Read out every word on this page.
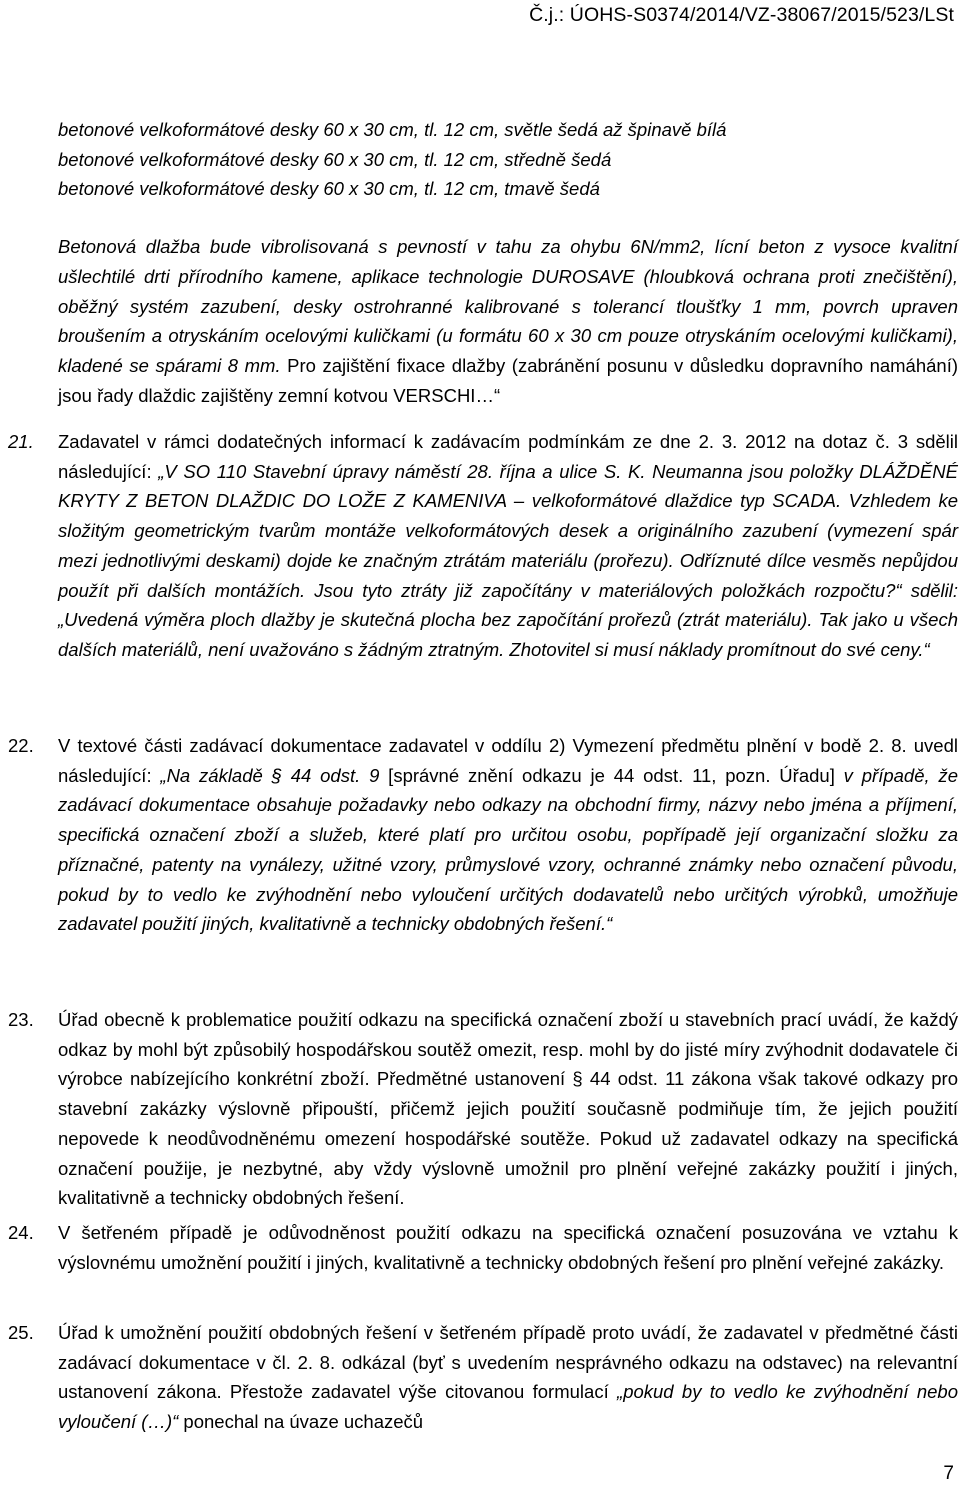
Č.j.: ÚOHS-S0374/2014/VZ-38067/2015/523/LSt
betonové velkoformátové desky 60 x 30 cm, tl. 12 cm, světle šedá až špinavě bílá
betonové velkoformátové desky 60 x 30 cm, tl. 12 cm, středně šedá
betonové velkoformátové desky 60 x 30 cm, tl. 12 cm, tmavě šedá
Betonová dlažba bude vibrolisovaná s pevností v tahu za ohybu 6N/mm2, lícní beton z vysoce kvalitní ušlechtilé drti přírodního kamene, aplikace technologie DUROSAVE (hloubková ochrana proti znečištění), oběžný systém zazubení, desky ostrohranné kalibrované s tolerancí tloušťky 1 mm, povrch upraven broušením a otryskáním ocelovými kuličkami (u formátu 60 x 30 cm pouze otryskáním ocelovými kuličkami), kladené se spárami 8 mm. Pro zajištění fixace dlažby (zabránění posunu v důsledku dopravního namáhání) jsou řady dlaždic zajištěny zemní kotvou VERSCHI…“
21.	Zadavatel v rámci dodatečných informací k zadávacím podmínkám ze dne 2. 3. 2012 na dotaz č. 3 sdělil následující: „V SO 110 Stavební úpravy náměstí 28. října a ulice S. K. Neumanna jsou položky DLÁŽDĚNÉ KRYTY Z BETON DLAŽDIC DO LOŽE Z KAMENIVA – velkoformátové dlaždice typ SCADA. Vzhledem ke složitým geometrickým tvarům montáže velkoformátových desek a originálního zazubení (vymezení spár mezi jednotlivými deskami) dojde ke značným ztrátám materiálu (prořezu). Odříznuté dílce vesměs nepůjdou použít při dalších montážích. Jsou tyto ztráty již započítány v materiálových položkách rozpočtu?“ sdělil: „Uvedená výměra ploch dlažby je skutečná plocha bez započítání prořezů (ztrát materiálu). Tak jako u všech dalších materiálů, není uvažováno s žádným ztratným. Zhotovitel si musí náklady promítnout do své ceny.“
22.	V textové části zadávací dokumentace zadavatel v oddílu 2) Vymezení předmětu plnění v bodě 2. 8. uvedl následující: „Na základě § 44 odst. 9 [správné znění odkazu je 44 odst. 11, pozn. Úřadu] v případě, že zadávací dokumentace obsahuje požadavky nebo odkazy na obchodní firmy, názvy nebo jména a příjmení, specifická označení zboží a služeb, které platí pro určitou osobu, popřípadě její organizační složku za příznačné, patenty na vynálezy, užitné vzory, průmyslové vzory, ochranné známky nebo označení původu, pokud by to vedlo ke zvýhodnění nebo vyloučení určitých dodavatelů nebo určitých výrobků, umožňuje zadavatel použití jiných, kvalitativně a technicky obdobných řešení.“
23.	Úřad obecně k problematice použití odkazu na specifická označení zboží u stavebních prací uvádí, že každý odkaz by mohl být způsobilý hospodářskou soutěž omezit, resp. mohl by do jisté míry zvýhodnit dodavatele či výrobce nabízejícího konkrétní zboží. Předmětné ustanovení § 44 odst. 11 zákona však takové odkazy pro stavební zakázky výslovně připouští, přičemž jejich použití současně podmiňuje tím, že jejich použití nepovede k neodůvodněnému omezení hospodářské soutěže. Pokud už zadavatel odkazy na specifická označení použije, je nezbytné, aby vždy výslovně umožnil pro plnění veřejné zakázky použití i jiných, kvalitativně a technicky obdobných řešení.
24.	V šetřeném případě je odůvodněnost použití odkazu na specifická označení posuzována ve vztahu k výslovnému umožnění použití i jiných, kvalitativně a technicky obdobných řešení pro plnění veřejné zakázky.
25.	Úřad k umožnění použití obdobných řešení v šetřeném případě proto uvádí, že zadavatel v předmětné části zadávací dokumentace v čl. 2. 8. odkázal (byť s uvedením nesprávného odkazu na odstavec) na relevantní ustanovení zákona. Přestože zadavatel výše citovanou formulací „pokud by to vedlo ke zvýhodnění nebo vyloučení (…)“ ponechal na úvaze uchazečů
7
